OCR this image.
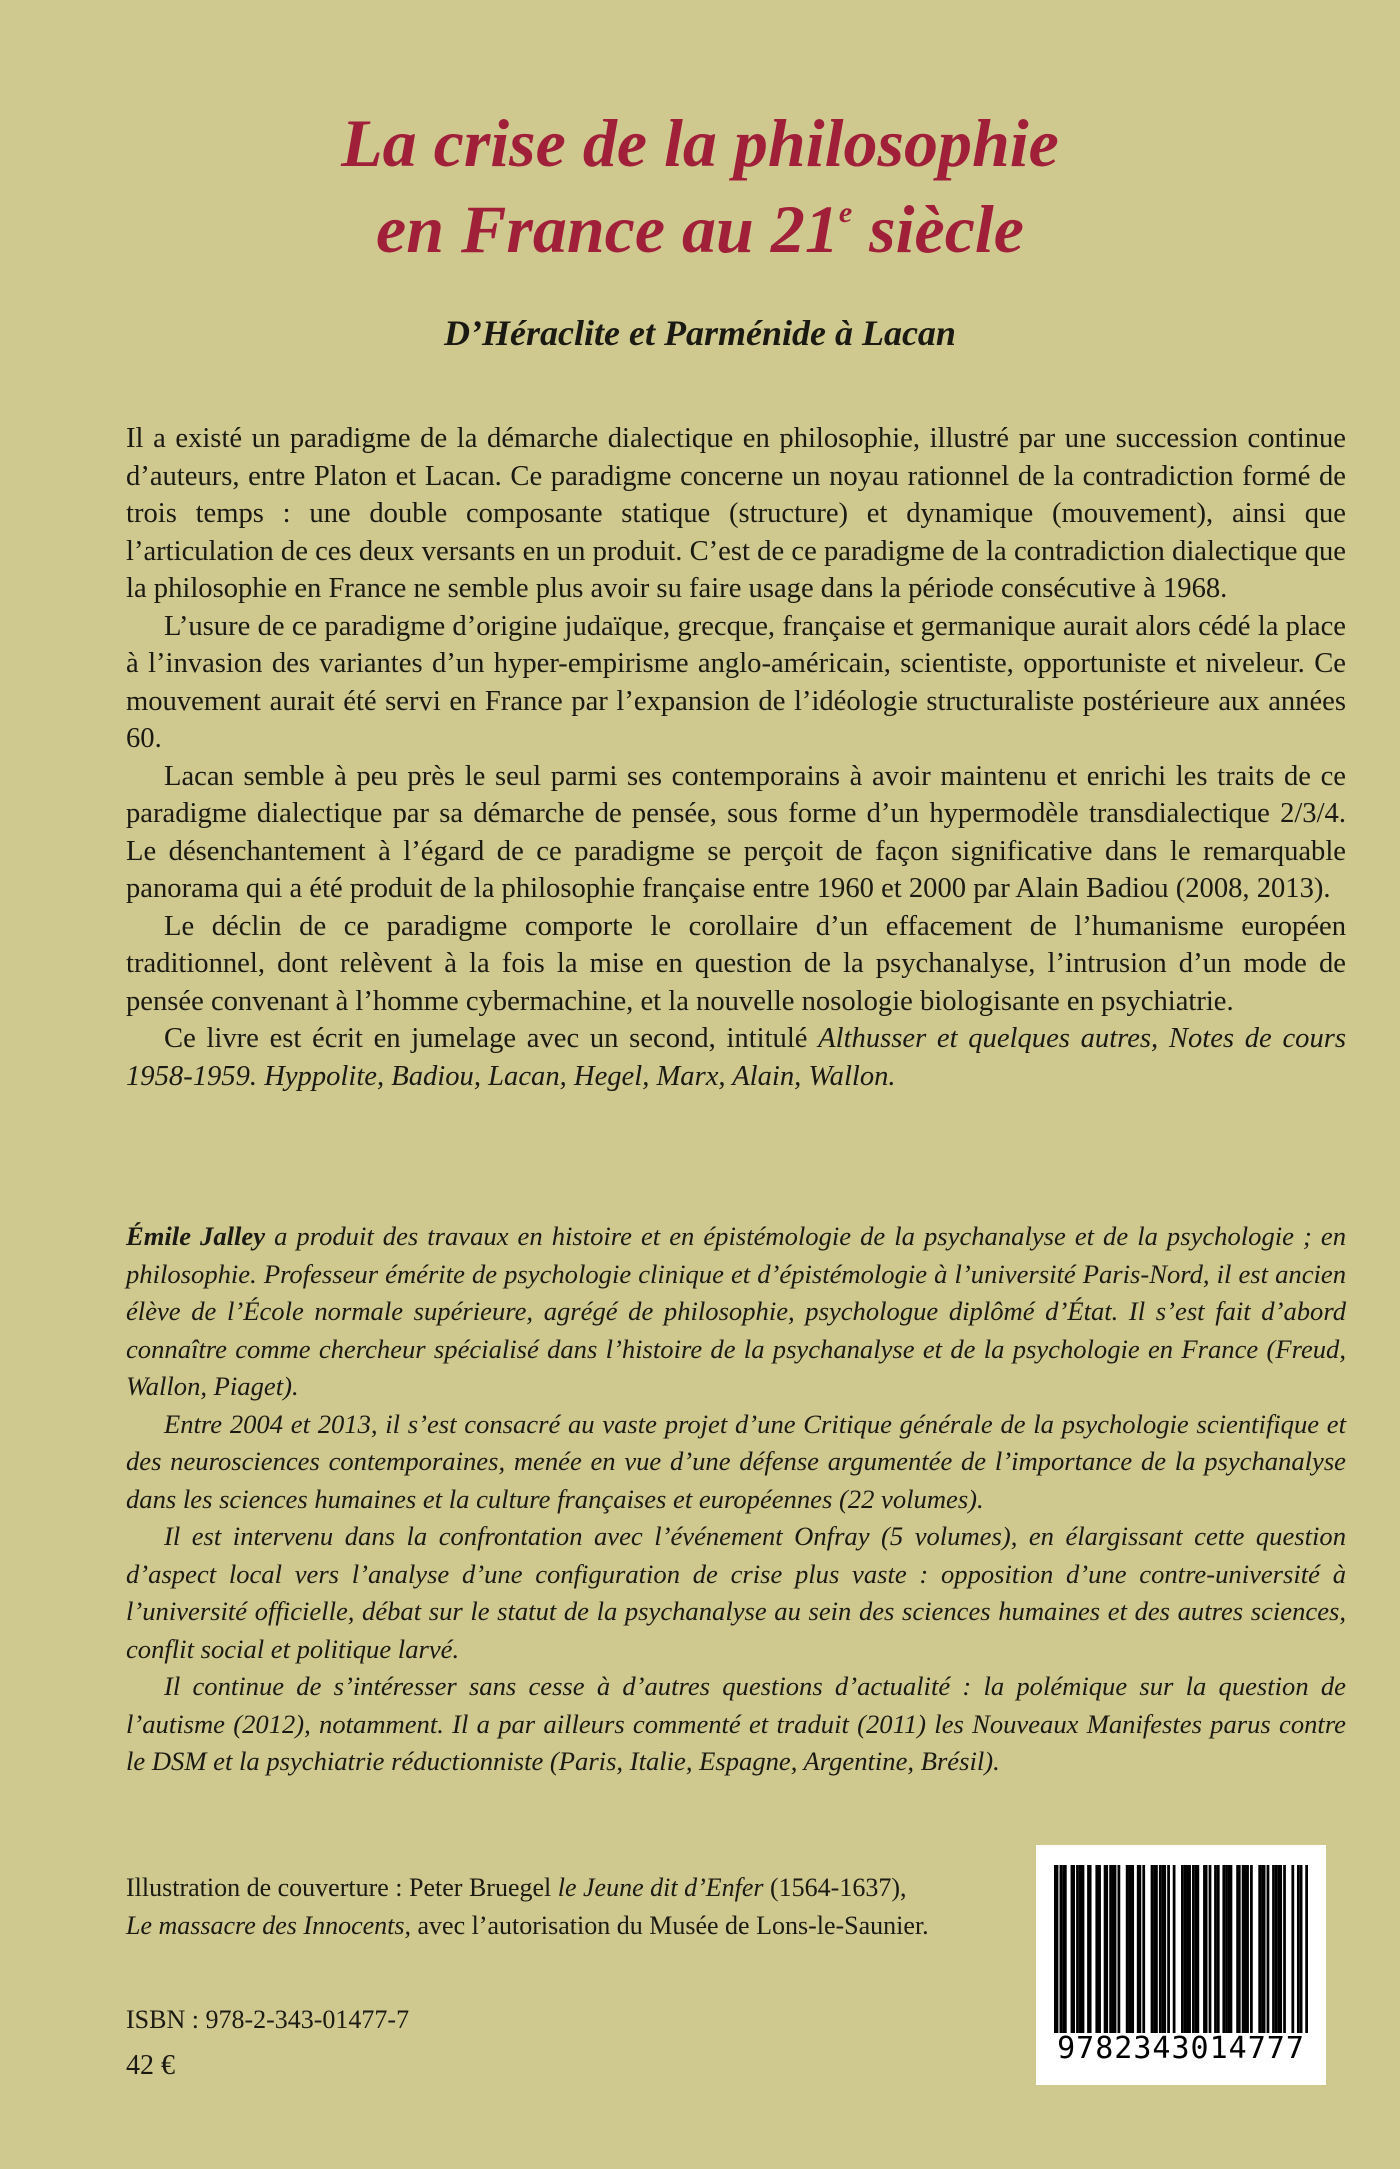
La crise de la philosophie
en France au 21e siècle
D’Héraclite et Parménide à Lacan

Il a existé un paradigme de la démarche dialectique en philosophie, illustré par une succession continue d’auteurs, entre Platon et Lacan. Ce paradigme concerne un noyau rationnel de la contradiction formé de trois temps : une double composante statique (structure) et dynamique (mouvement), ainsi que l’articulation de ces deux versants en un produit. C’est de ce paradigme de la contradiction dialectique que la philosophie en France ne semble plus avoir su faire usage dans la période consécutive à 1968.

L’usure de ce paradigme d’origine judaïque, grecque, française et germanique aurait alors cédé la place à l’invasion des variantes d’un hyper-empirisme anglo-américain, scientiste, opportuniste et niveleur. Ce mouvement aurait été servi en France par l’expansion de l’idéologie structuraliste postérieure aux années 60.

Lacan semble à peu près le seul parmi ses contemporains à avoir maintenu et enrichi les traits de ce paradigme dialectique par sa démarche de pensée, sous forme d’un hypermodèle transdialectique 2/3/4. Le désenchantement à l’égard de ce paradigme se perçoit de façon significative dans le remarquable panorama qui a été produit de la philosophie française entre 1960 et 2000 par Alain Badiou (2008, 2013).

Le déclin de ce paradigme comporte le corollaire d’un effacement de l’humanisme européen traditionnel, dont relèvent à la fois la mise en question de la psychanalyse, l’intrusion d’un mode de pensée convenant à l’homme cybermachine, et la nouvelle nosologie biologisante en psychiatrie.

Ce livre est écrit en jumelage avec un second, intitulé Althusser et quelques autres, Notes de cours 1958-1959. Hyppolite, Badiou, Lacan, Hegel, Marx, Alain, Wallon.

Émile Jalley a produit des travaux en histoire et en épistémologie de la psychanalyse et de la psychologie ; en philosophie. Professeur émérite de psychologie clinique et d’épistémologie à l’université Paris-Nord, il est ancien élève de l’École normale supérieure, agrégé de philosophie, psychologue diplômé d’État. Il s’est fait d’abord connaître comme chercheur spécialisé dans l’histoire de la psychanalyse et de la psychologie en France (Freud, Wallon, Piaget).

Entre 2004 et 2013, il s’est consacré au vaste projet d’une Critique générale de la psychologie scientifique et des neurosciences contemporaines, menée en vue d’une défense argumentée de l’importance de la psychanalyse dans les sciences humaines et la culture françaises et européennes (22 volumes).

Il est intervenu dans la confrontation avec l’événement Onfray (5 volumes), en élargissant cette question d’aspect local vers l’analyse d’une configuration de crise plus vaste : opposition d’une contre-université à l’université officielle, débat sur le statut de la psychanalyse au sein des sciences humaines et des autres sciences, conflit social et politique larvé.

Il continue de s’intéresser sans cesse à d’autres questions d’actualité : la polémique sur la question de l’autisme (2012), notamment. Il a par ailleurs commenté et traduit (2011) les Nouveaux Manifestes parus contre le DSM et la psychiatrie réductionniste (Paris, Italie, Espagne, Argentine, Brésil).

Illustration de couverture : Peter Bruegel le Jeune dit d’Enfer (1564-1637),
Le massacre des Innocents, avec l’autorisation du Musée de Lons-le-Saunier.
ISBN : 978-2-343-01477-7
42 €	9782343014777
